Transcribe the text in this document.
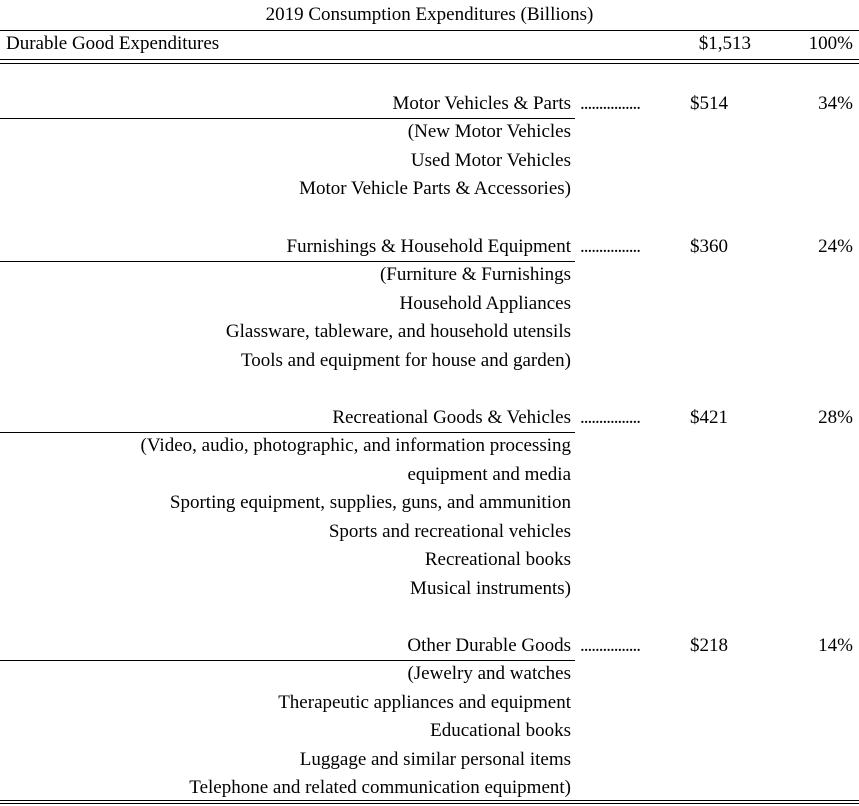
2019 Consumption Expenditures (Billions)
Durable Good Expenditures	$1,513	100%
Motor Vehicles & Parts ................	$514	34%
(New Motor Vehicles
Used Motor Vehicles
Motor Vehicle Parts & Accessories)
Furnishings & Household Equipment ................	$360	24%
(Furniture & Furnishings
Household Appliances
Glassware, tableware, and household utensils
Tools and equipment for house and garden)
Recreational Goods & Vehicles ................	$421	28%
(Video, audio, photographic, and information processing
equipment and media
Sporting equipment, supplies, guns, and ammunition
Sports and recreational vehicles
Recreational books
Musical instruments)
Other Durable Goods ................	$218	14%
(Jewelry and watches
Therapeutic appliances and equipment
Educational books
Luggage and similar personal items
Telephone and related communication equipment)
